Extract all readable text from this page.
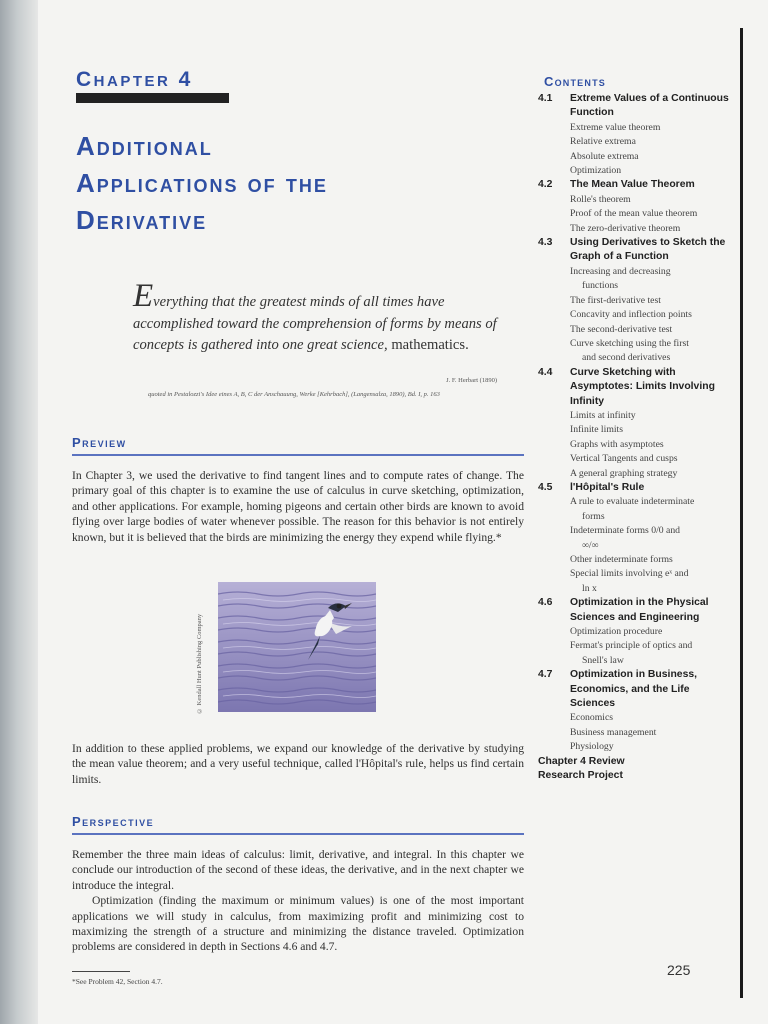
Chapter 4
Additional
Applications of the
Derivative
Everything that the greatest minds of all times have accomplished toward the comprehension of forms by means of concepts is gathered into one great science, mathematics.
J. F. Herbart (1890)
quoted in Pestalozzi's Idee eines A, B, C der Anschauung, Werke [Kehrbach], (Langensalza, 1890), Bd. I, p. 163
Preview

In Chapter 3, we used the derivative to find tangent lines and to compute rates of change. The primary goal of this chapter is to examine the use of calculus in curve sketching, optimization, and other applications. For example, homing pigeons and certain other birds are known to avoid flying over large bodies of water whenever possible. The reason for this behavior is not entirely known, but it is believed that the birds are minimizing the energy they expend while flying.*

© Kendall Hunt Publishing Company

In addition to these applied problems, we expand our knowledge of the derivative by studying the mean value theorem; and a very useful technique, called l'Hôpital's rule, helps us find certain limits.

Perspective

Remember the three main ideas of calculus: limit, derivative, and integral. In this chapter we conclude our introduction of the second of these ideas, the derivative, and in the next chapter we introduce the integral.

Optimization (finding the maximum or minimum values) is one of the most important applications we will study in calculus, from maximizing profit and minimizing cost to maximizing the strength of a structure and minimizing the distance traveled. Optimization problems are considered in depth in Sections 4.6 and 4.7.

*See Problem 42, Section 4.7.
225
Contents
4.1	Extreme Values of a Continuous Function
Extreme value theorem
Relative extrema
Absolute extrema
Optimization
4.2	The Mean Value Theorem
Rolle's theorem
Proof of the mean value theorem
The zero-derivative theorem
4.3	Using Derivatives to Sketch the Graph of a Function
Increasing and decreasing
functions
The first-derivative test
Concavity and inflection points
The second-derivative test
Curve sketching using the first
and second derivatives
4.4	Curve Sketching with Asymptotes: Limits Involving Infinity
Limits at infinity
Infinite limits
Graphs with asymptotes
Vertical Tangents and cusps
A general graphing strategy
4.5	l'Hôpital's Rule
A rule to evaluate indeterminate
forms
Indeterminate forms 0/0 and
∞/∞
Other indeterminate forms
Special limits involving eˣ and
ln x
4.6	Optimization in the Physical Sciences and Engineering
Optimization procedure
Fermat's principle of optics and
Snell's law
4.7	Optimization in Business, Economics, and the Life Sciences
Economics
Business management
Physiology
Chapter 4 Review
Research Project
